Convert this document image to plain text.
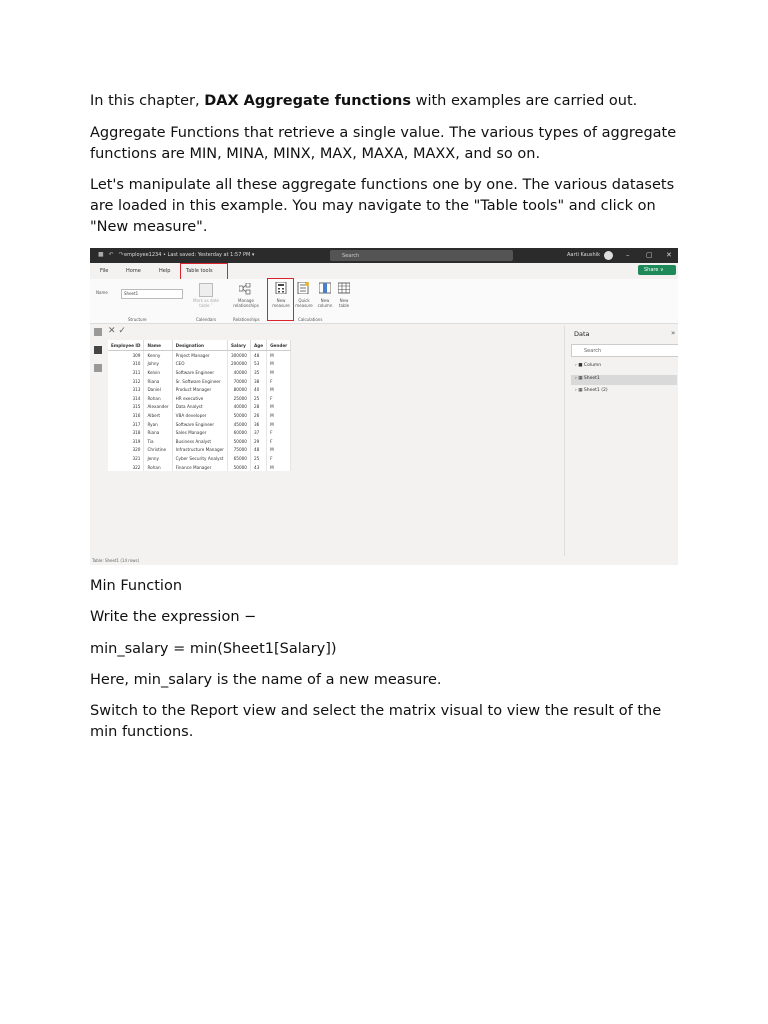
In this chapter, DAX Aggregate functions with examples are carried out.

Aggregate Functions that retrieve a single value. The various types of aggregate functions are MIN, MINA, MINX, MAX, MAXA, MAXX, and so on.

Let's manipulate all these aggregate functions one by one. The various datasets are loaded in this example. You may navigate to the "Table tools" and click on "New measure".

■↶↷
employee1234 • Last saved: Yesterday at 1:57 PM ▾	Search	Aarti Kaushik	– ▢ ✕
File	Home	Help	Table tools	Share ∨
Name	Sheet1
Mark as date table ˅
Manage relationships
New measure
Quick measure
New column
New table
Structure	Calendars	Relationships	Calculations
✕ ✓
Employee ID	Name	Designation	Salary	Age	Gender
309	Kenny	Project Manager	300000	48	M
310	Johny	CEO	200000	53	M
311	Kelvin	Software Engineer	40000	35	M
312	Riana	Sr. Software Engineer	70000	38	F
313	Daniel	Product Manager	80000	40	M
314	Rohan	HR executive	25000	25	F
315	Alexander	Data Analyst	40000	28	M
316	Albert	VBA developer	50000	26	M
317	Ryan	Software Engineer	45000	36	M
318	Riana	Sales Manager	60000	37	F
319	Tia	Business Analyst	50000	29	F
320	Christine	Infrastructure Manager	75000	48	M
321	Jenny	Cyber Security Analyst	65000	25	F
322	Rohan	Finance Manager	50000	43	M
Table: Sheet1 (14 rows)
Data	»
Search
› ■ Column
› ▦ Sheet1
› ▦ Sheet1 (2)

Min Function

Write the expression −

min_salary = min(Sheet1[Salary])

Here, min_salary is the name of a new measure.

Switch to the Report view and select the matrix visual to view the result of the min functions.
